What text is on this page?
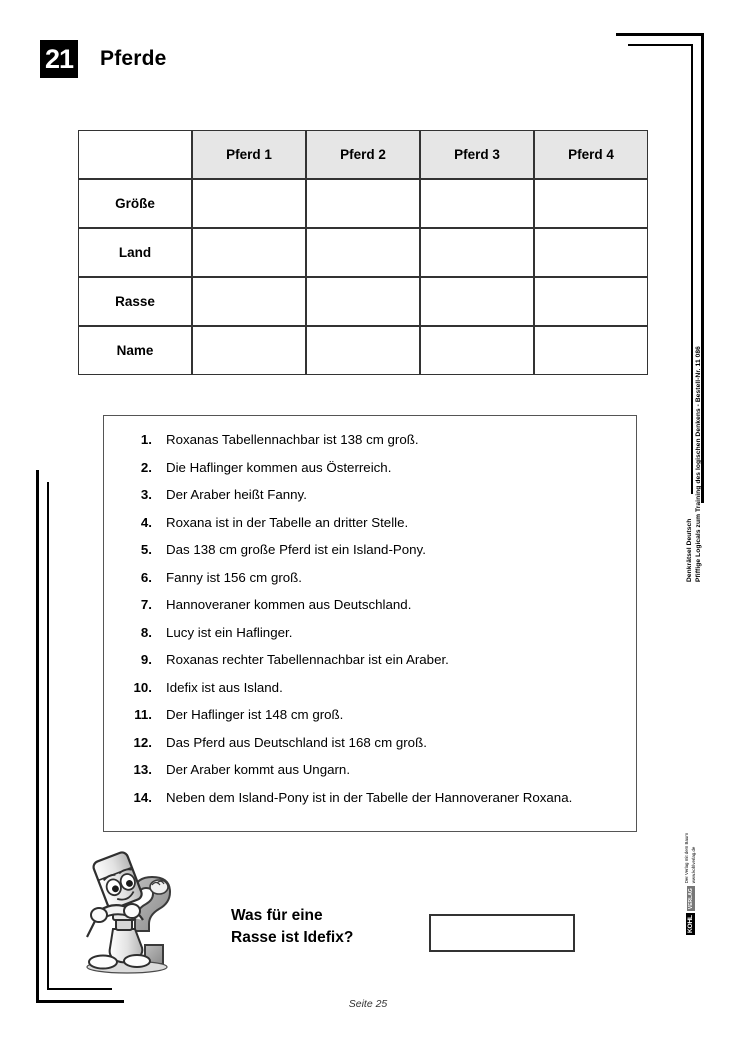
21 Pferde
	Pferd 1	Pferd 2	Pferd 3	Pferd 4
Größe				
Land				
Rasse				
Name				
1. Roxanas Tabellennachbar ist 138 cm groß.
2. Die Haflinger kommen aus Österreich.
3. Der Araber heißt Fanny.
4. Roxana ist in der Tabelle an dritter Stelle.
5. Das 138 cm große Pferd ist ein Island-Pony.
6. Fanny ist 156 cm groß.
7. Hannoveraner kommen aus Deutschland.
8. Lucy ist ein Haflinger.
9. Roxanas rechter Tabellennachbar ist ein Araber.
10. Idefix ist aus Island.
11. Der Haflinger ist 148 cm groß.
12. Das Pferd aus Deutschland ist 168 cm groß.
13. Der Araber kommt aus Ungarn.
14. Neben dem Island-Pony ist in der Tabelle der Hannoveraner Roxana.
Was für eine
Rasse ist Idefix?
Seite 25
Denkrätsel Deutsch Pfiffige Logicals zum Training des logischen Denkens - Bestell-Nr. 11 086
KOHL
VERLAG
Der Verlag mit dem Baum www.kohlverlag.de
